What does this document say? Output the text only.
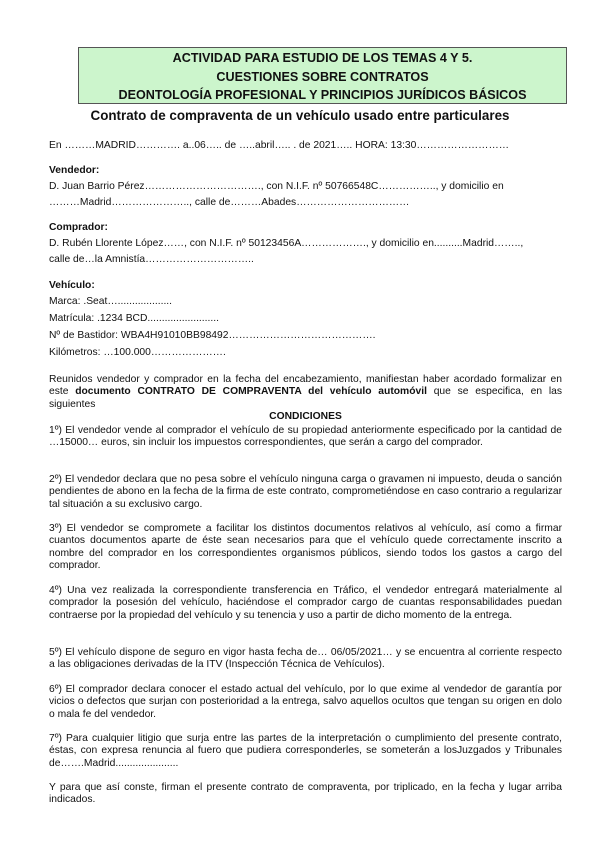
ACTIVIDAD PARA ESTUDIO DE LOS TEMAS 4 Y 5.
CUESTIONES SOBRE CONTRATOS
DEONTOLOGÍA PROFESIONAL Y PRINCIPIOS JURÍDICOS BÁSICOS
Contrato de compraventa de un vehículo usado entre particulares
En ………MADRID…………. a..06….. de …..abril….. . de 2021….. HORA: 13:30………………………
Vendedor:
D. Juan Barrio Pérez……………………………., con N.I.F. nº 50766548C…………….., y domicilio en
………Madrid………………….., calle de………Abades……………………………
Comprador:
D. Rubén Llorente López……, con N.I.F. nº 50123456A………………., y domicilio en..........Madrid……..,
calle de…la Amnistía…………………………..
Vehículo:
Marca: .Seat…...................
Matrícula: .1234 BCD.........................
Nº de Bastidor: WBA4H91010BB98492…………………………………….
Kilómetros: …100.000………………….
Reunidos vendedor y comprador en la fecha del encabezamiento, manifiestan haber acordado formalizar en este documento CONTRATO DE COMPRAVENTA del vehículo automóvil que se especifica, en las siguientes
CONDICIONES
1º) El vendedor vende al comprador el vehículo de su propiedad anteriormente especificado por la cantidad de …15000… euros, sin incluir los impuestos correspondientes, que serán a cargo del comprador.
2º) El vendedor declara que no pesa sobre el vehículo ninguna carga o gravamen ni impuesto, deuda o sanción pendientes de abono en la fecha de la firma de este contrato, comprometiéndose en caso contrario a regularizar tal situación a su exclusivo cargo.
3º) El vendedor se compromete a facilitar los distintos documentos relativos al vehículo, así como a firmar cuantos documentos aparte de éste sean necesarios para que el vehículo quede correctamente inscrito a nombre del comprador en los correspondientes organismos públicos, siendo todos los gastos a cargo del comprador.
4º) Una vez realizada la correspondiente transferencia en Tráfico, el vendedor entregará materialmente al comprador la posesión del vehículo, haciéndose el comprador cargo de cuantas responsabilidades puedan contraerse por la propiedad del vehículo y su tenencia y uso a partir de dicho momento de la entrega.
5º) El vehículo dispone de seguro en vigor hasta fecha de… 06/05/2021… y se encuentra al corriente respecto a las obligaciones derivadas de la ITV (Inspección Técnica de Vehículos).
6º) El comprador declara conocer el estado actual del vehículo, por lo que exime al vendedor de garantía por vicios o defectos que surjan con posterioridad a la entrega, salvo aquellos ocultos que tengan su origen en dolo o mala fe del vendedor.
7º) Para cualquier litigio que surja entre las partes de la interpretación o cumplimiento del presente contrato, éstas, con expresa renuncia al fuero que pudiera corresponderles, se someterán a losJuzgados y Tribunales de…….Madrid......................
Y para que así conste, firman el presente contrato de compraventa, por triplicado, en la fecha y lugar arriba indicados.
